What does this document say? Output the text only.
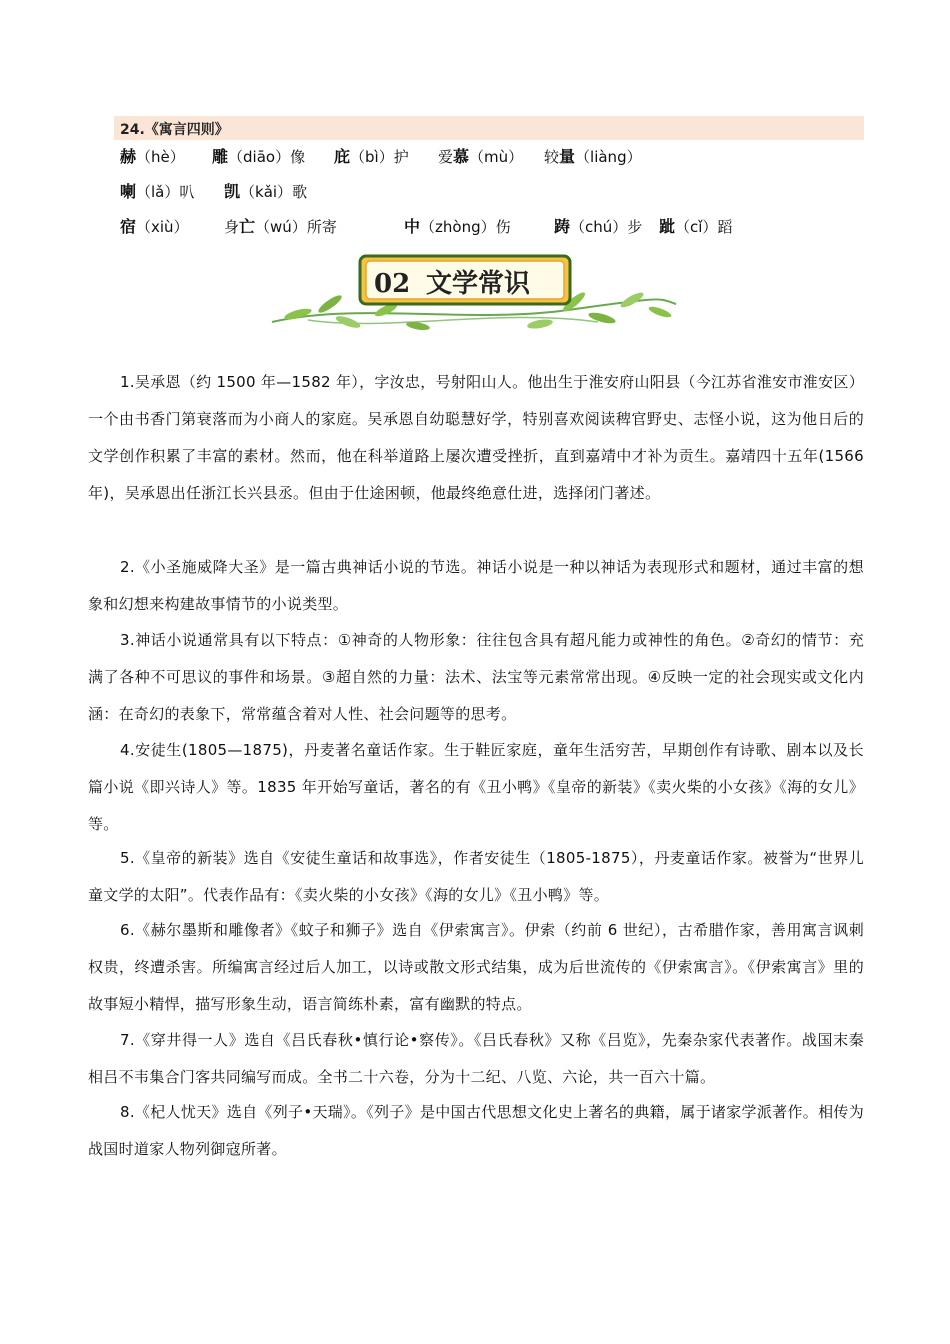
24.《寓言四则》
赫（hè） 雕（diāo）像 庇（bì）护 爱慕（mù） 较量（liàng）
喇（lǎ）叭 凯（kǎi）歌
宿（xiù） 身亡（wú）所寄	中（zhòng）伤	踌（chú）步 跐（cǐ）蹈
02 文学常识

1.吴承恩（约 1500 年—1582 年），字汝忠，号射阳山人。他出生于淮安府山阳县（今江苏省淮安市淮安区）一个由书香门第衰落而为小商人的家庭。吴承恩自幼聪慧好学，特别喜欢阅读稗官野史、志怪小说，这为他日后的文学创作积累了丰富的素材。然而，他在科举道路上屡次遭受挫折，直到嘉靖中才补为贡生。嘉靖四十五年(1566 年)，吴承恩出任浙江长兴县丞。但由于仕途困顿，他最终绝意仕进，选择闭门著述。

2.《小圣施威降大圣》是一篇古典神话小说的节选。神话小说是一种以神话为表现形式和题材，通过丰富的想象和幻想来构建故事情节的小说类型。

3.神话小说通常具有以下特点：①神奇的人物形象：往往包含具有超凡能力或神性的角色。②奇幻的情节：充满了各种不可思议的事件和场景。③超自然的力量：法术、法宝等元素常常出现。④反映一定的社会现实或文化内涵：在奇幻的表象下，常常蕴含着对人性、社会问题等的思考。

4.安徒生(1805—1875)，丹麦著名童话作家。生于鞋匠家庭，童年生活穷苦，早期创作有诗歌、剧本以及长篇小说《即兴诗人》等。1835 年开始写童话，著名的有《丑小鸭》《皇帝的新装》《卖火柴的小女孩》《海的女儿》等。

5.《皇帝的新装》选自《安徒生童话和故事选》，作者安徒生（1805-1875），丹麦童话作家。被誉为“世界儿童文学的太阳”。代表作品有：《卖火柴的小女孩》《海的女儿》《丑小鸭》等。

6.《赫尔墨斯和雕像者》《蚊子和狮子》选自《伊索寓言》。伊索（约前 6 世纪），古希腊作家，善用寓言讽刺权贵，终遭杀害。所编寓言经过后人加工，以诗或散文形式结集，成为后世流传的《伊索寓言》。《伊索寓言》里的故事短小精悍，描写形象生动，语言简练朴素，富有幽默的特点。

7.《穿井得一人》选自《吕氏春秋•慎行论•察传》。《吕氏春秋》又称《吕览》，先秦杂家代表著作。战国末秦相吕不韦集合门客共同编写而成。全书二十六卷，分为十二纪、八览、六论，共一百六十篇。

8.《杞人忧天》选自《列子•天瑞》。《列子》是中国古代思想文化史上著名的典籍，属于诸家学派著作。相传为战国时道家人物列御寇所著。
